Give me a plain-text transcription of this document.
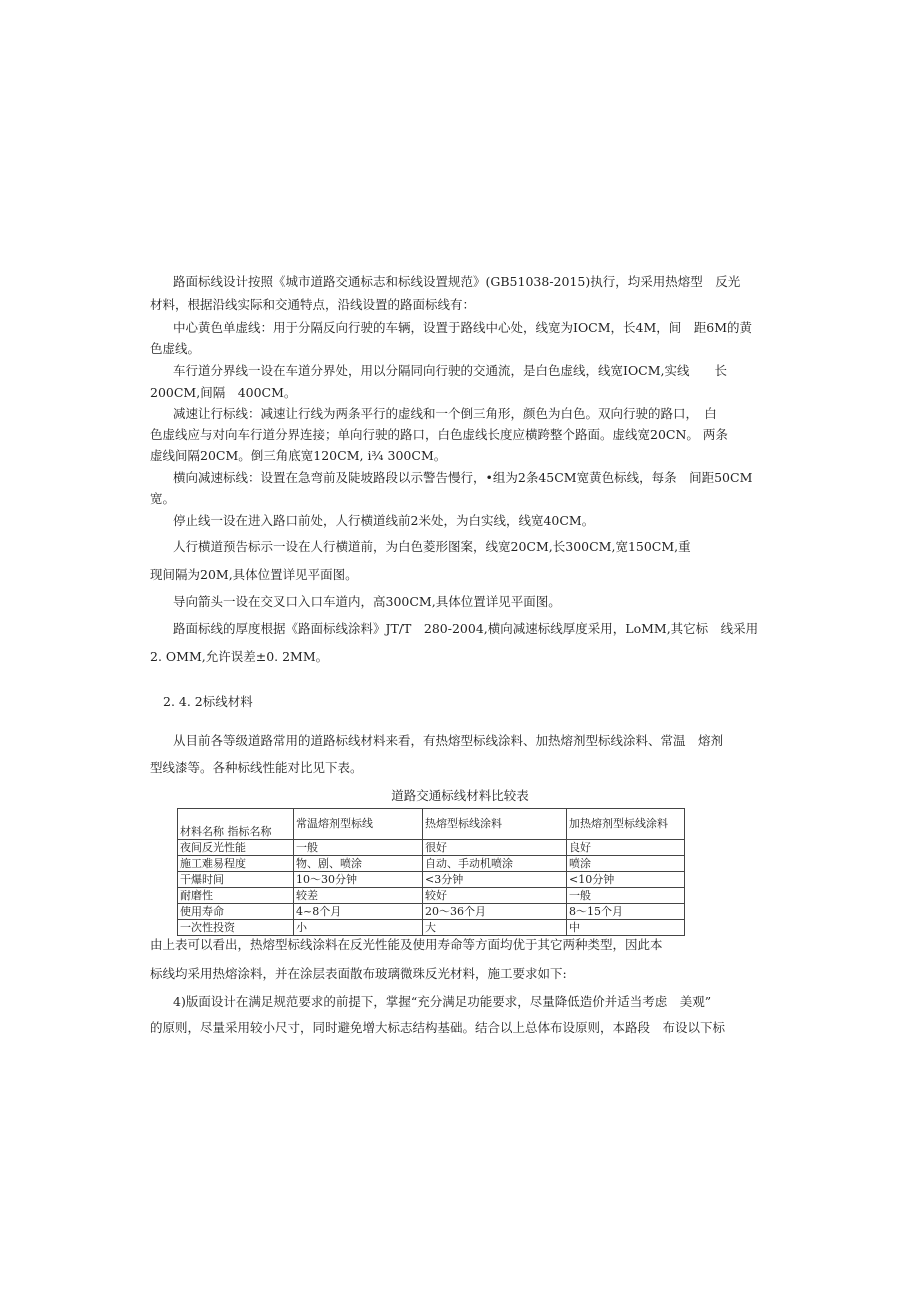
路面标线设计按照《城市道路交通标志和标线设置规范》(GB51038-2015)执行，均采用热熔型　反光
材料，根据沿线实际和交通特点，沿线设置的路面标线有：
中心黄色单虚线：用于分隔反向行驶的车辆，设置于路线中心处，线宽为IOCM，长4M，间　距6M的黄
色虚线。
车行道分界线一设在车道分界处，用以分隔同向行驶的交通流，是白色虚线，线宽IOCM,实线　　长
200CM,间隔　400CM。
减速让行标线：减速让行线为两条平行的虚线和一个倒三角形，颜色为白色。双向行驶的路口，　白
色虚线应与对向车行道分界连接；单向行驶的路口，白色虚线长度应横跨整个路面。虚线宽20CN。 两条
虚线间隔20CM。倒三角底宽120CM, i¾ 300CM。
横向减速标线：设置在急弯前及陡坡路段以示警告慢行，•组为2条45CM宽黄色标线，每条　间距50CM
宽。
停止线一设在进入路口前处，人行横道线前2米处，为白实线，线宽40CM。
人行横道预告标示一设在人行横道前，为白色菱形图案，线宽20CM,长300CM,宽150CM,重
现间隔为20M,具体位置详见平面图。
导向箭头一设在交叉口入口车道内，高300CM,具体位置详见平面图。
路面标线的厚度根据《路面标线涂料》JT/T　280-2004,横向减速标线厚度采用，LoMM,其它标　线采用
2. OMM,允许误差±0. 2MM。
2. 4. 2标线材料
从目前各等级道路常用的道路标线材料来看，有热熔型标线涂料、加热熔剂型标线涂料、常温　熔剂
型线漆等。各种标线性能对比见下表。
道路交通标线材料比较表
材料名称 指标名称	常温熔剂型标线	热熔型标线涂料	加热熔剂型标线涂料
夜间反光性能	一般	很好	良好
施工难易程度	物、剧、喷涂	自动、手动机喷涂	喷涂
干爆时间	10～30分钟	<3分钟	<10分钟
耐磨性	较差	较好	一般
使用寿命	4~8个月	20～36个月	8～15个月
一次性投资	小	大	中
由上表可以看出，热熔型标线涂料在反光性能及使用寿命等方面均优于其它两种类型，因此本
标线均采用热熔涂料，并在涂层表面散布玻璃微珠反光材料，施工要求如下:
4)版面设计在满足规范要求的前提下，掌握“充分满足功能要求，尽量降低造价并适当考虑　美观”
的原则，尽量采用较小尺寸，同时避免增大标志结构基础。结合以上总体布设原则，本路段　布设以下标
